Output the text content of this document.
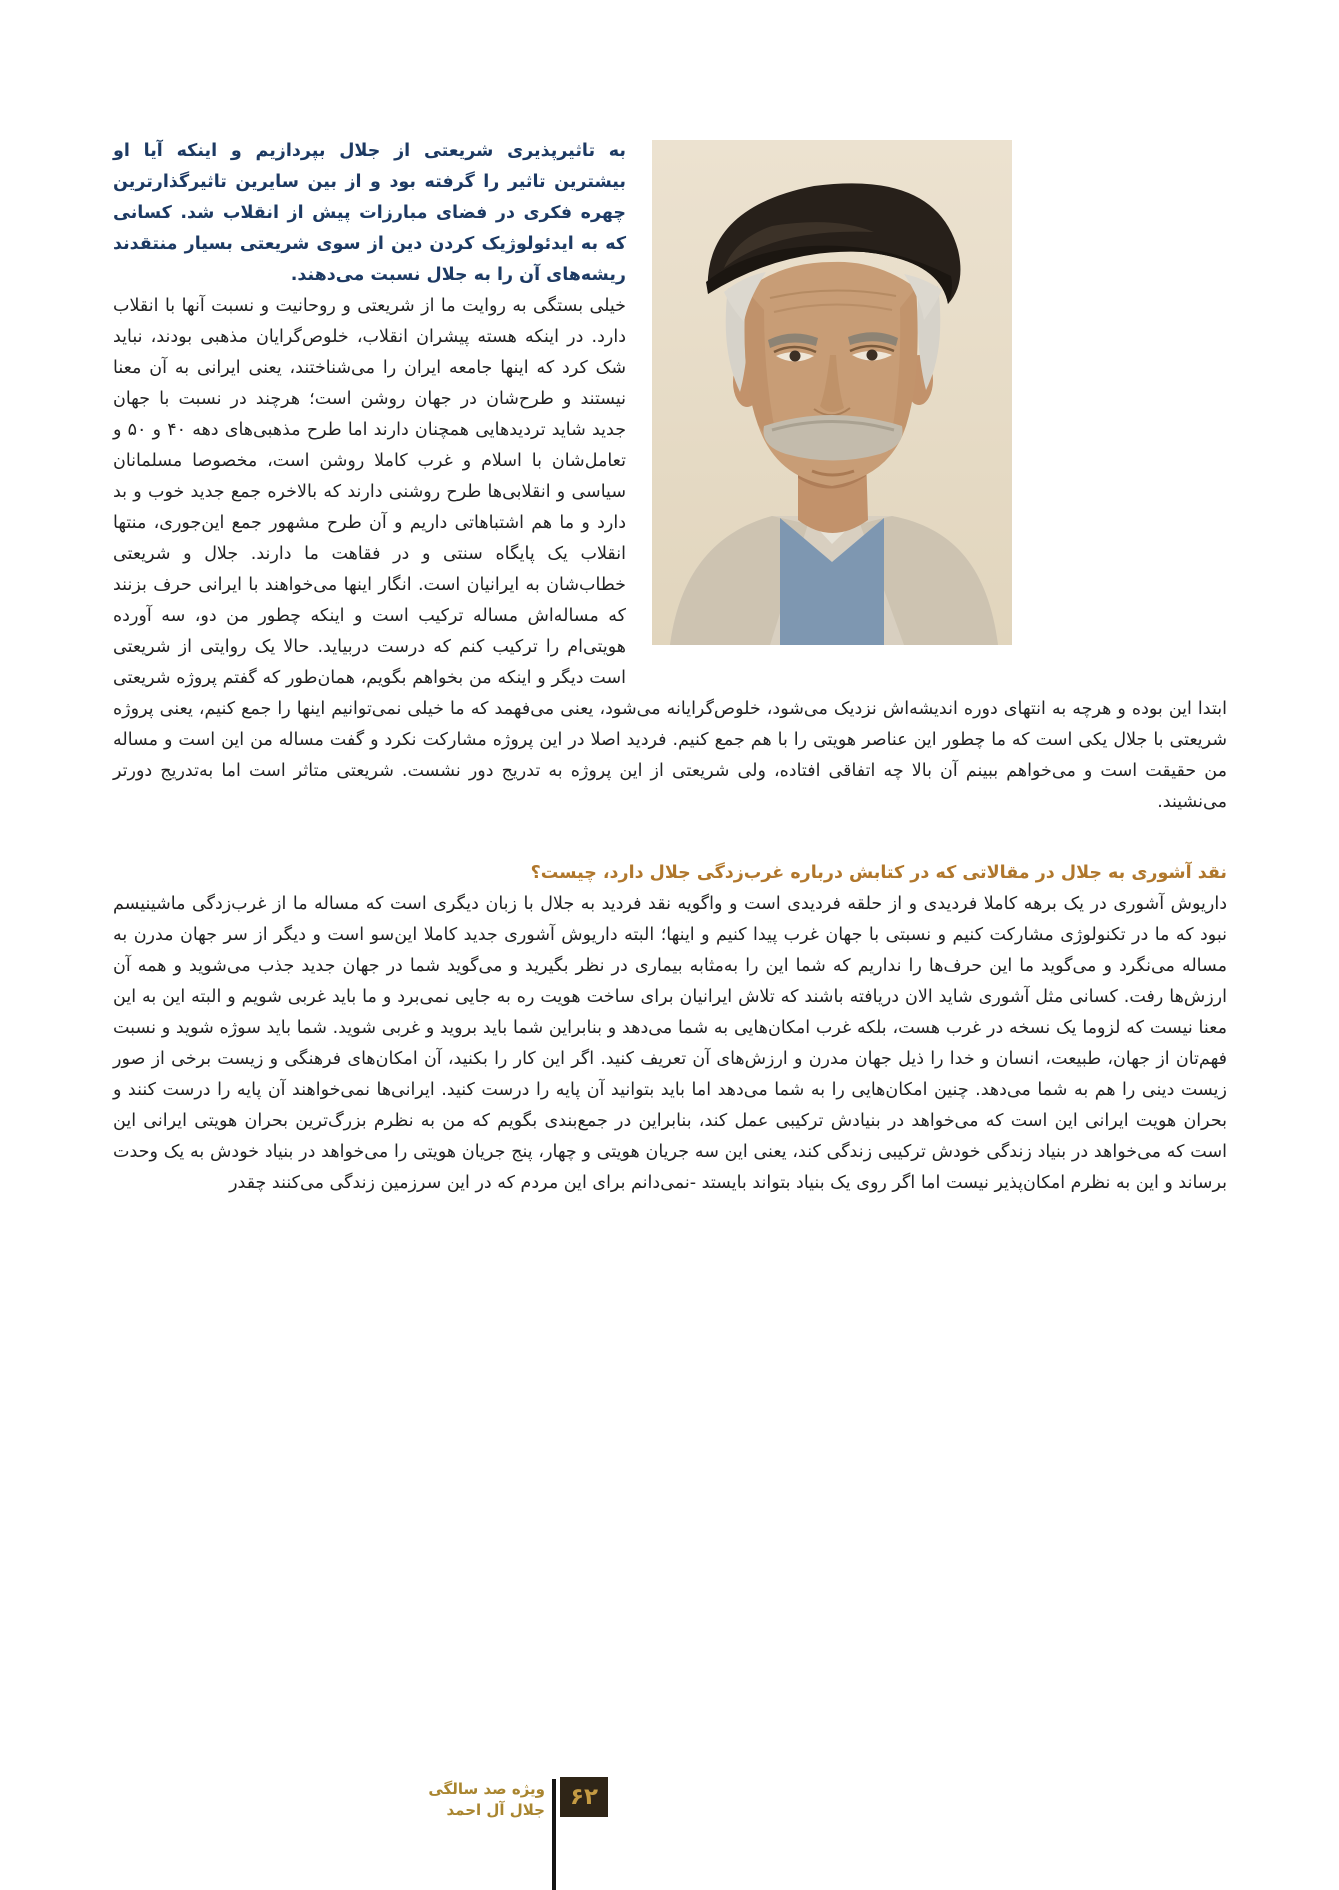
به تاثیرپذیری شریعتی از جلال بپردازیم و اینکه آیا او بیشترین تاثیر را گرفته بود و از بین سایرین تاثیرگذارترین چهره فکری در فضای مبارزات پیش از انقلاب شد. کسانی که به ایدئولوژیک کردن دین از سوی شریعتی بسیار منتقدند ریشه‌های آن را به جلال نسبت می‌دهند.

خیلی بستگی به روایت ما از شریعتی و روحانیت و نسبت آنها با انقلاب دارد. در اینکه هسته پیشران انقلاب، خلوص‌گرایان مذهبی بودند، نباید شک کرد که اینها جامعه ایران را می‌شناختند، یعنی ایرانی به آن معنا نیستند و طرح‌شان در جهان روشن است؛ هرچند در نسبت با جهان جدید شاید تردیدهایی همچنان دارند اما طرح مذهبی‌های دهه ۴۰ و ۵۰ و تعامل‌شان با اسلام و غرب کاملا روشن است، مخصوصا مسلمانان سیاسی و انقلابی‌ها طرح روشنی دارند که بالاخره جمع جدید خوب و بد دارد و ما هم اشتباهاتی داریم و آن طرح مشهور جمع این‌جوری، منتها انقلاب یک پایگاه سنتی و در فقاهت ما دارند. جلال و شریعتی خطاب‌شان به ایرانیان است. انگار اینها می‌خواهند با ایرانی حرف بزنند که مساله‌اش مساله ترکیب است و اینکه چطور من دو، سه آورده هویتی‌ام را ترکیب کنم که درست دربیاید. حالا یک روایتی از شریعتی است دیگر و اینکه من بخواهم بگویم، همان‌طور که گفتم پروژه شریعتی ابتدا این بوده و هرچه به انتهای دوره اندیشه‌اش نزدیک می‌شود، خلوص‌گرایانه می‌شود، یعنی می‌فهمد که ما خیلی نمی‌توانیم اینها را جمع کنیم، یعنی پروژه شریعتی با جلال یکی است که ما چطور این عناصر هویتی را با هم جمع کنیم. فردید اصلا در این پروژه مشارکت نکرد و گفت مساله من این است و مساله من حقیقت است و می‌خواهم ببینم آن بالا چه اتفاقی افتاده، ولی شریعتی از این پروژه به تدریج دور نشست. شریعتی متاثر است اما به‌تدریج دورتر می‌نشیند.

نقد آشوری به جلال در مقالاتی که در کتابش درباره غرب‌زدگی جلال دارد، چیست؟

داریوش آشوری در یک برهه کاملا فردیدی و از حلقه فردیدی است و واگویه نقد فردید به جلال با زبان دیگری است که مساله ما از غرب‌زدگی ماشینیسم نبود که ما در تکنولوژی مشارکت کنیم و نسبتی با جهان غرب پیدا کنیم و اینها؛ البته داریوش آشوری جدید کاملا این‌سو است و دیگر از سر جهان مدرن به مساله می‌نگرد و می‌گوید ما این حرف‌ها را نداریم که شما این را به‌مثابه بیماری در نظر بگیرید و می‌گوید شما در جهان جدید جذب می‌شوید و همه آن ارزش‌ها رفت. کسانی مثل آشوری شاید الان دریافته باشند که تلاش ایرانیان برای ساخت هویت ره به جایی نمی‌برد و ما باید غربی شویم و البته این به این معنا نیست که لزوما یک نسخه در غرب هست، بلکه غرب امکان‌هایی به شما می‌دهد و بنابراین شما باید بروید و غربی شوید. شما باید سوژه شوید و نسبت فهم‌تان از جهان، طبیعت، انسان و خدا را ذیل جهان مدرن و ارزش‌های آن تعریف کنید. اگر این کار را بکنید، آن امکان‌های فرهنگی و زیست برخی از صور زیست دینی را هم به شما می‌دهد. چنین امکان‌هایی را به شما می‌دهد اما باید بتوانید آن پایه را درست کنید. ایرانی‌ها نمی‌خواهند آن پایه را درست کنند و بحران هویت ایرانی این است که می‌خواهد در بنیادش ترکیبی عمل کند، بنابراین در جمع‌بندی بگویم که من به نظرم بزرگ‌ترین بحران هویتی ایرانی این است که می‌خواهد در بنیاد زندگی خودش ترکیبی زندگی کند، یعنی این سه جریان هویتی و چهار، پنج جریان هویتی را می‌خواهد در بنیاد خودش به یک وحدت برساند و این به نظرم امکان‌پذیر نیست اما اگر روی یک بنیاد بتواند بایستد -نمی‌دانم برای این مردم که در این سرزمین زندگی می‌کنند چقدر

ویژه صد سالگی
جلال آل احمد	۶۲
